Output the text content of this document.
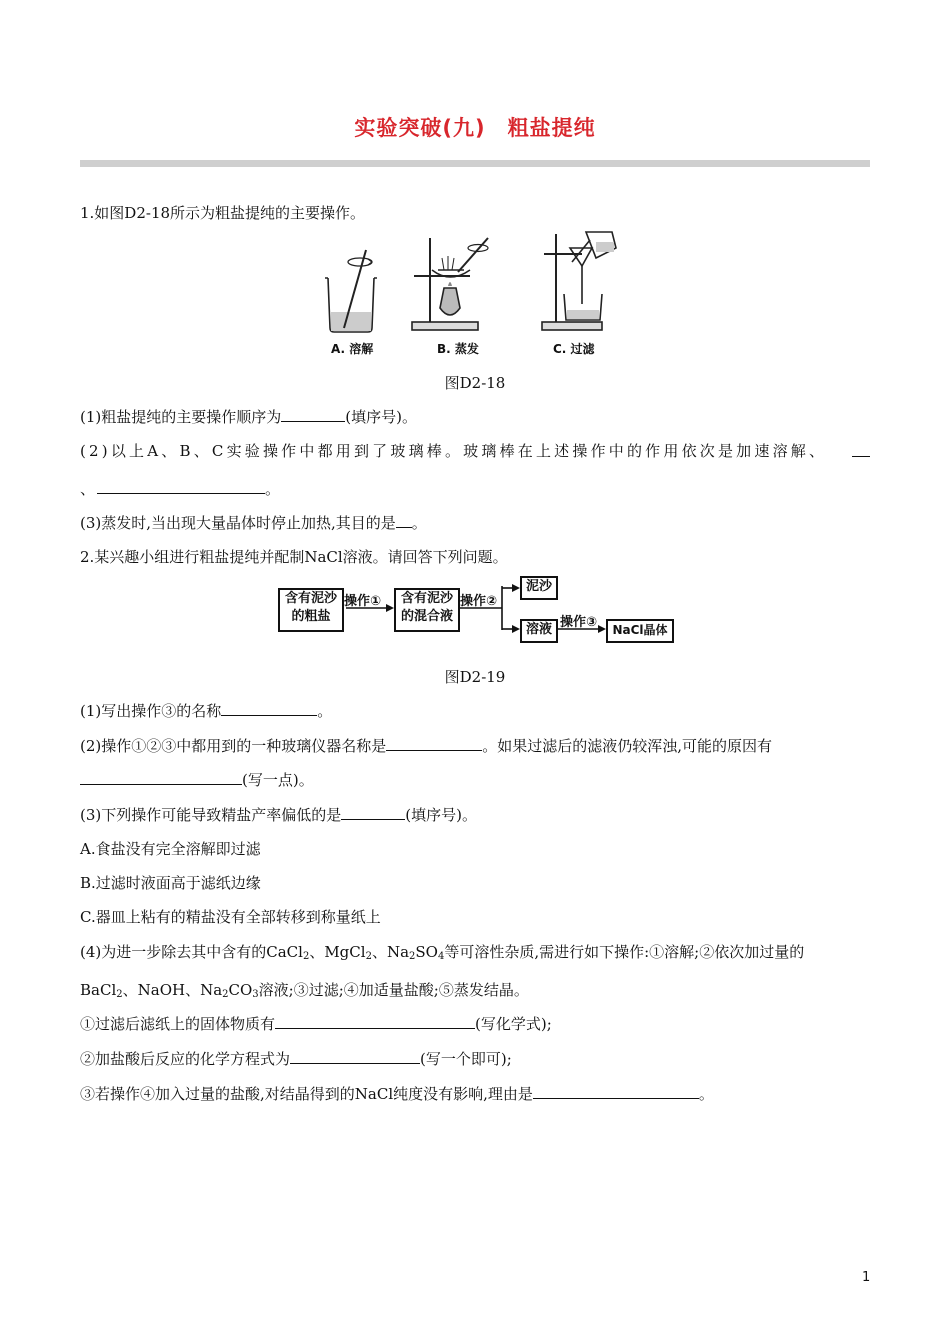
实验突破(九) 粗盐提纯
1.如图D2-18所示为粗盐提纯的主要操作。
A. 溶解	B. 蒸发	C. 过滤
图D2-18
(1)粗盐提纯的主要操作顺序为	(填序号)。
(2)以上A、B、C实验操作中都用到了玻璃棒。玻璃棒在上述操作中的作用依次是加速溶解、
、	。
(3)蒸发时,当出现大量晶体时停止加热,其目的是 。
2.某兴趣小组进行粗盐提纯并配制NaCl溶液。请回答下列问题。
含有泥沙
的粗盐
操作①	含有泥沙
的混合液
操作②
泥沙
溶液 操作③	NaCl晶体
图D2-19
(1)写出操作③的名称	。
(2)操作①②③中都用到的一种玻璃仪器名称是	。如果过滤后的滤液仍较浑浊,可能的原因有
(写一点)。
(3)下列操作可能导致精盐产率偏低的是	(填序号)。
A.食盐没有完全溶解即过滤
B.过滤时液面高于滤纸边缘
C.器皿上粘有的精盐没有全部转移到称量纸上
(4)为进一步除去其中含有的CaCl$_2$、MgCl$_2$、$Na_2SO_4$等可溶性杂质,需进行如下操作:①溶解;②依次加过量的
BaCl$_2$、NaOH、$Na_2CO_3$溶液;③过滤;④加适量盐酸;⑤蒸发结晶。
①过滤后滤纸上的固体物质有	(写化学式);
②加盐酸后反应的化学方程式为	(写一个即可);
③若操作④加入过量的盐酸,对结晶得到的NaCl纯度没有影响,理由是	。
1
